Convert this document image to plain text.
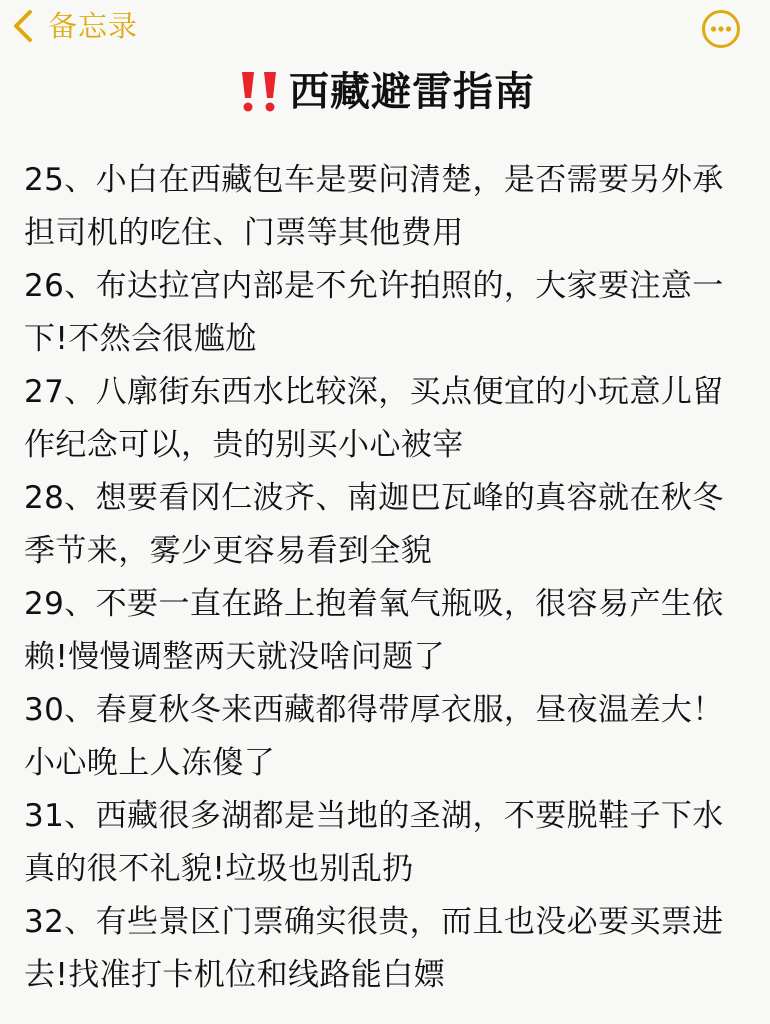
备忘录
西藏避雷指南
25、小白在西藏包车是要问清楚，是否需要另外承
担司机的吃住、门票等其他费用
26、布达拉宫内部是不允许拍照的，大家要注意一
下!不然会很尴尬
27、八廓街东西水比较深，买点便宜的小玩意儿留
作纪念可以，贵的别买小心被宰
28、想要看冈仁波齐、南迦巴瓦峰的真容就在秋冬
季节来，雾少更容易看到全貌
29、不要一直在路上抱着氧气瓶吸，很容易产生依
赖!慢慢调整两天就没啥问题了
30、春夏秋冬来西藏都得带厚衣服，昼夜温差大！
小心晚上人冻傻了
31、西藏很多湖都是当地的圣湖，不要脱鞋子下水
真的很不礼貌!垃圾也别乱扔
32、有些景区门票确实很贵，而且也没必要买票进
去!找准打卡机位和线路能白嫖
